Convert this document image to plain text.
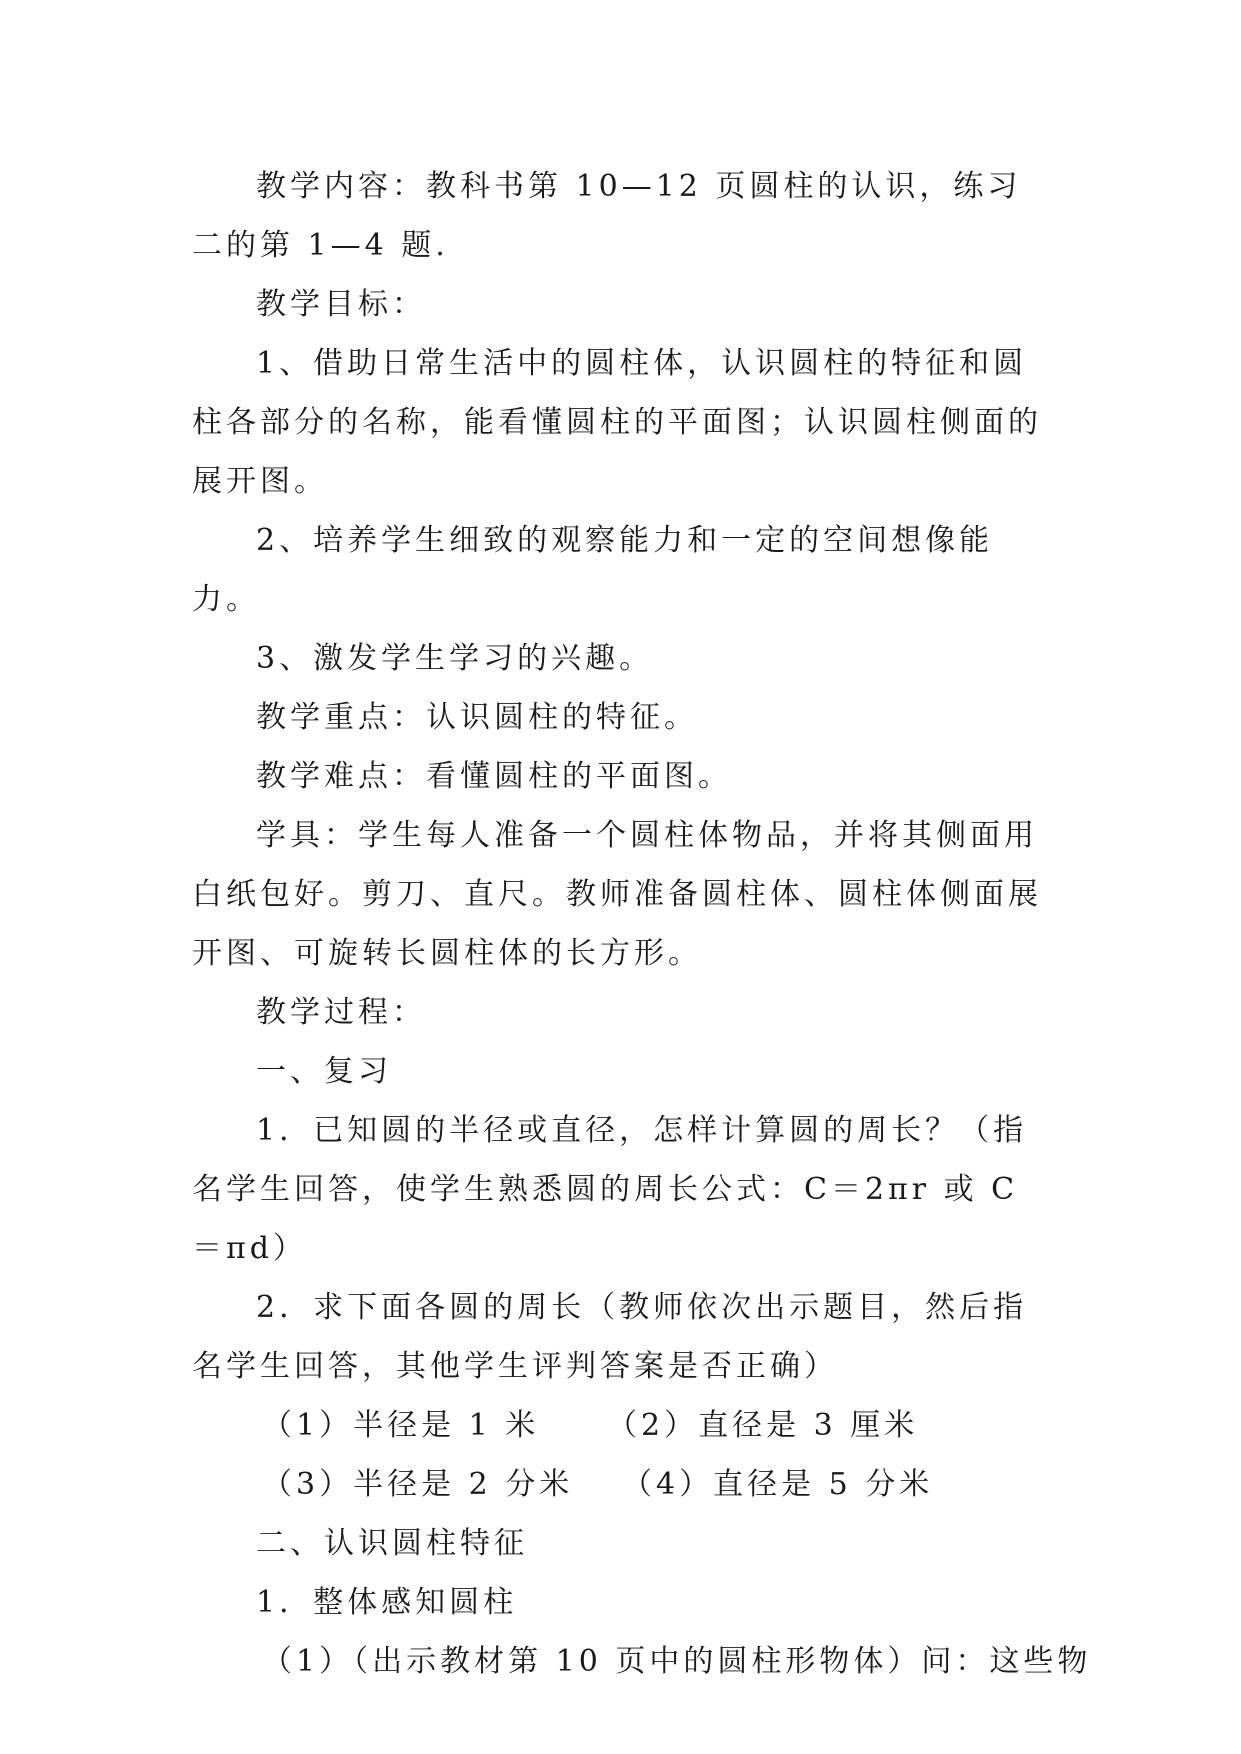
教学内容：教科书第 10—12 页圆柱的认识，练习二的第 1—4 题.

教学目标：

1、借助日常生活中的圆柱体，认识圆柱的特征和圆柱各部分的名称，能看懂圆柱的平面图；认识圆柱侧面的展开图。

2、培养学生细致的观察能力和一定的空间想像能力。

3、激发学生学习的兴趣。

教学重点：认识圆柱的特征。

教学难点：看懂圆柱的平面图。

学具：学生每人准备一个圆柱体物品，并将其侧面用白纸包好。剪刀、直尺。教师准备圆柱体、圆柱体侧面展开图、可旋转长圆柱体的长方形。

教学过程：

一、复习

1．已知圆的半径或直径，怎样计算圆的周长？（指名学生回答，使学生熟悉圆的周长公式：C＝2πr 或 C＝πd）

2．求下面各圆的周长（教师依次出示题目，然后指名学生回答，其他学生评判答案是否正确）

（1）半径是 1 米 （2）直径是 3 厘米

（3）半径是 2 分米 （4）直径是 5 分米

二、认识圆柱特征

1．整体感知圆柱

（1）（出示教材第 10 页中的圆柱形物体）问：这些物
